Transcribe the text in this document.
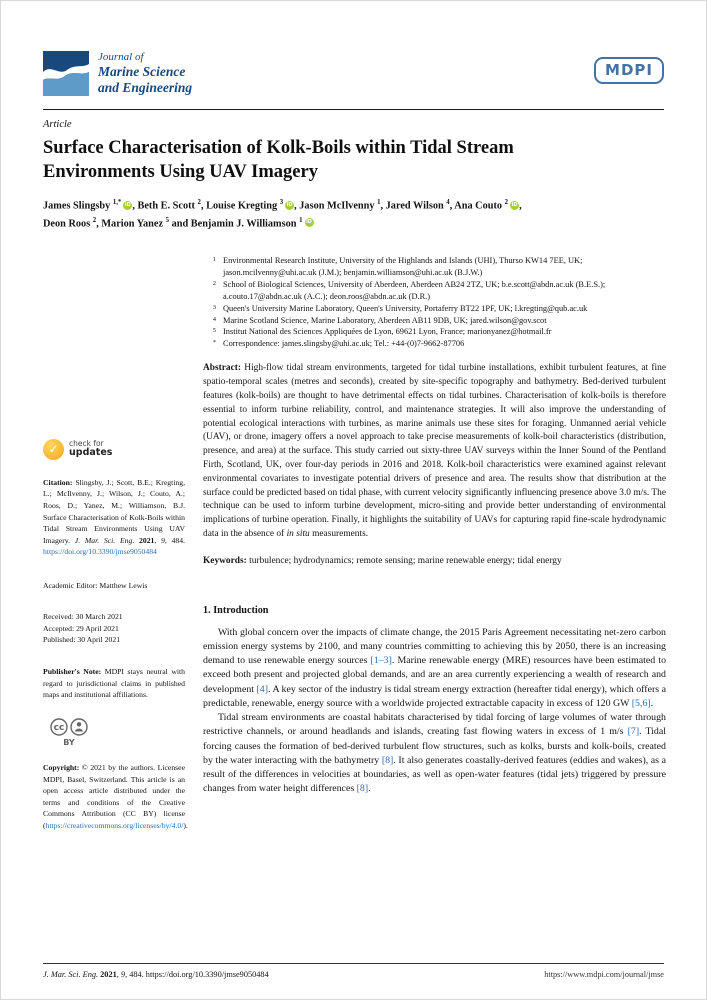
Journal of
Marine Science
and Engineering
MDPI
Article
Surface Characterisation of Kolk-Boils within Tidal Stream Environments Using UAV Imagery
James Slingsby $^{1,*}$ iD , Beth E. Scott $^2$, Louise Kregting $^3$ iD , Jason McIlvenny $^1$, Jared Wilson $^4$, Ana Couto $^2$ iD ,
Deon Roos $^2$, Marion Yanez $^5$ and Benjamin J. Williamson $^1$ iD
✓	check for
updates
Citation: Slingsby, J.; Scott, B.E.; Kregting, L.; McIlvenny, J.; Wilson, J.; Couto, A.; Roos, D.; Yanez, M.; Williamson, B.J. Surface Characterisation of Kolk-Boils within Tidal Stream Environments Using UAV Imagery. J. Mar. Sci. Eng. 2021, 9, 484. https://doi.org/10.3390/jmse9050484
Academic Editor: Matthew Lewis
Received: 30 March 2021
Accepted: 29 April 2021
Published: 30 April 2021
Publisher's Note: MDPI stays neutral with regard to jurisdictional claims in published maps and institutional affiliations.
cc
BY
Copyright: © 2021 by the authors. Licensee MDPI, Basel, Switzerland. This article is an open access article distributed under the terms and conditions of the Creative Commons Attribution (CC BY) license (https://creativecommons.org/licenses/by/4.0/).
1 Environmental Research Institute, University of the Highlands and Islands (UHI), Thurso KW14 7EE, UK; jason.mcilvenny@uhi.ac.uk (J.M.); benjamin.williamson@uhi.ac.uk (B.J.W.)
2 School of Biological Sciences, University of Aberdeen, Aberdeen AB24 2TZ, UK; b.e.scott@abdn.ac.uk (B.E.S.); a.couto.17@abdn.ac.uk (A.C.); deon.roos@abdn.ac.uk (D.R.)
3 Queen's University Marine Laboratory, Queen's University, Portaferry BT22 1PF, UK; l.kregting@qub.ac.uk
4 Marine Scotland Science, Marine Laboratory, Aberdeen AB11 9DB, UK; jared.wilson@gov.scot
5 Institut National des Sciences Appliquées de Lyon, 69621 Lyon, France; marionyanez@hotmail.fr
* Correspondence: james.slingsby@uhi.ac.uk; Tel.: +44-(0)7-9662-87706

Abstract: High-flow tidal stream environments, targeted for tidal turbine installations, exhibit turbulent features, at fine spatio-temporal scales (metres and seconds), created by site-specific topography and bathymetry. Bed-derived turbulent features (kolk-boils) are thought to have detrimental effects on tidal turbines. Characterisation of kolk-boils is therefore essential to inform turbine reliability, control, and maintenance strategies. It will also improve the understanding of potential ecological interactions with turbines, as marine animals use these sites for foraging. Unmanned aerial vehicle (UAV), or drone, imagery offers a novel approach to take precise measurements of kolk-boil characteristics (distribution, presence, and area) at the surface. This study carried out sixty-three UAV surveys within the Inner Sound of the Pentland Firth, Scotland, UK, over four-day periods in 2016 and 2018. Kolk-boil characteristics were examined against relevant environmental covariates to investigate potential drivers of presence and area. The results show that distribution at the surface could be predicted based on tidal phase, with current velocity significantly influencing presence above 3.0 m/s. The technique can be used to inform turbine development, micro-siting and provide better understanding of environmental implications of turbine operation. Finally, it highlights the suitability of UAVs for capturing rapid fine-scale hydrodynamic data in the absence of in situ measurements.

Keywords: turbulence; hydrodynamics; remote sensing; marine renewable energy; tidal energy

1. Introduction

With global concern over the impacts of climate change, the 2015 Paris Agreement necessitating net-zero carbon emission energy systems by 2100, and many countries committing to achieving this by 2050, there is an increasing demand to use renewable energy sources [1–3]. Marine renewable energy (MRE) resources have been estimated to exceed both present and projected global demands, and are an area currently experiencing a wealth of research and development [4]. A key sector of the industry is tidal stream energy extraction (hereafter tidal energy), which offers a predictable, renewable, energy source with a worldwide projected extractable capacity in excess of 120 GW [5,6].

Tidal stream environments are coastal habitats characterised by tidal forcing of large volumes of water through restrictive channels, or around headlands and islands, creating fast flowing waters in excess of 1 m/s [7]. Tidal forcing causes the formation of bed-derived turbulent flow structures, such as kolks, bursts and kolk-boils, created by the water interacting with the bathymetry [8]. It also generates coastally-derived features (eddies and wakes), as a result of the differences in velocities at boundaries, as well as open-water features (tidal jets) triggered by pressure changes from water height differences [8].

J. Mar. Sci. Eng. 2021, 9, 484. https://doi.org/10.3390/jmse9050484	https://www.mdpi.com/journal/jmse
